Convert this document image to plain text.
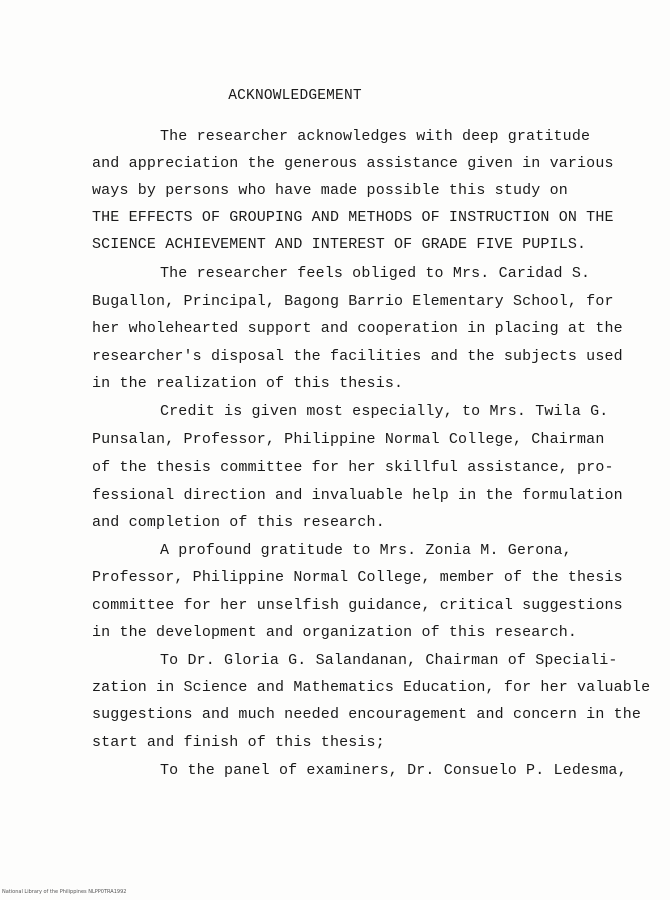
ACKNOWLEDGEMENT
The researcher acknowledges with deep gratitude
and appreciation the generous assistance given in various
ways by persons who have made possible this study on
THE EFFECTS OF GROUPING AND METHODS OF INSTRUCTION ON THE
SCIENCE ACHIEVEMENT AND INTEREST OF GRADE FIVE PUPILS.
The researcher feels obliged to Mrs. Caridad S.
Bugallon, Principal, Bagong Barrio Elementary School, for
her wholehearted support and cooperation in placing at the
researcher's disposal the facilities and the subjects used
in the realization of this thesis.
Credit is given most especially, to Mrs. Twila G.
Punsalan, Professor, Philippine Normal College, Chairman
of the thesis committee for her skillful assistance, pro-
fessional direction and invaluable help in the formulation
and completion of this research.
A profound gratitude to Mrs. Zonia M. Gerona,
Professor, Philippine Normal College, member of the thesis
committee for her unselfish guidance, critical suggestions
in the development and organization of this research.
To Dr. Gloria G. Salandanan, Chairman of Speciali-
zation in Science and Mathematics Education, for her valuable
suggestions and much needed encouragement and concern in the
start and finish of this thesis;
To the panel of examiners, Dr. Consuelo P. Ledesma,
National Library of the Philippines NLPP0TRA1992
